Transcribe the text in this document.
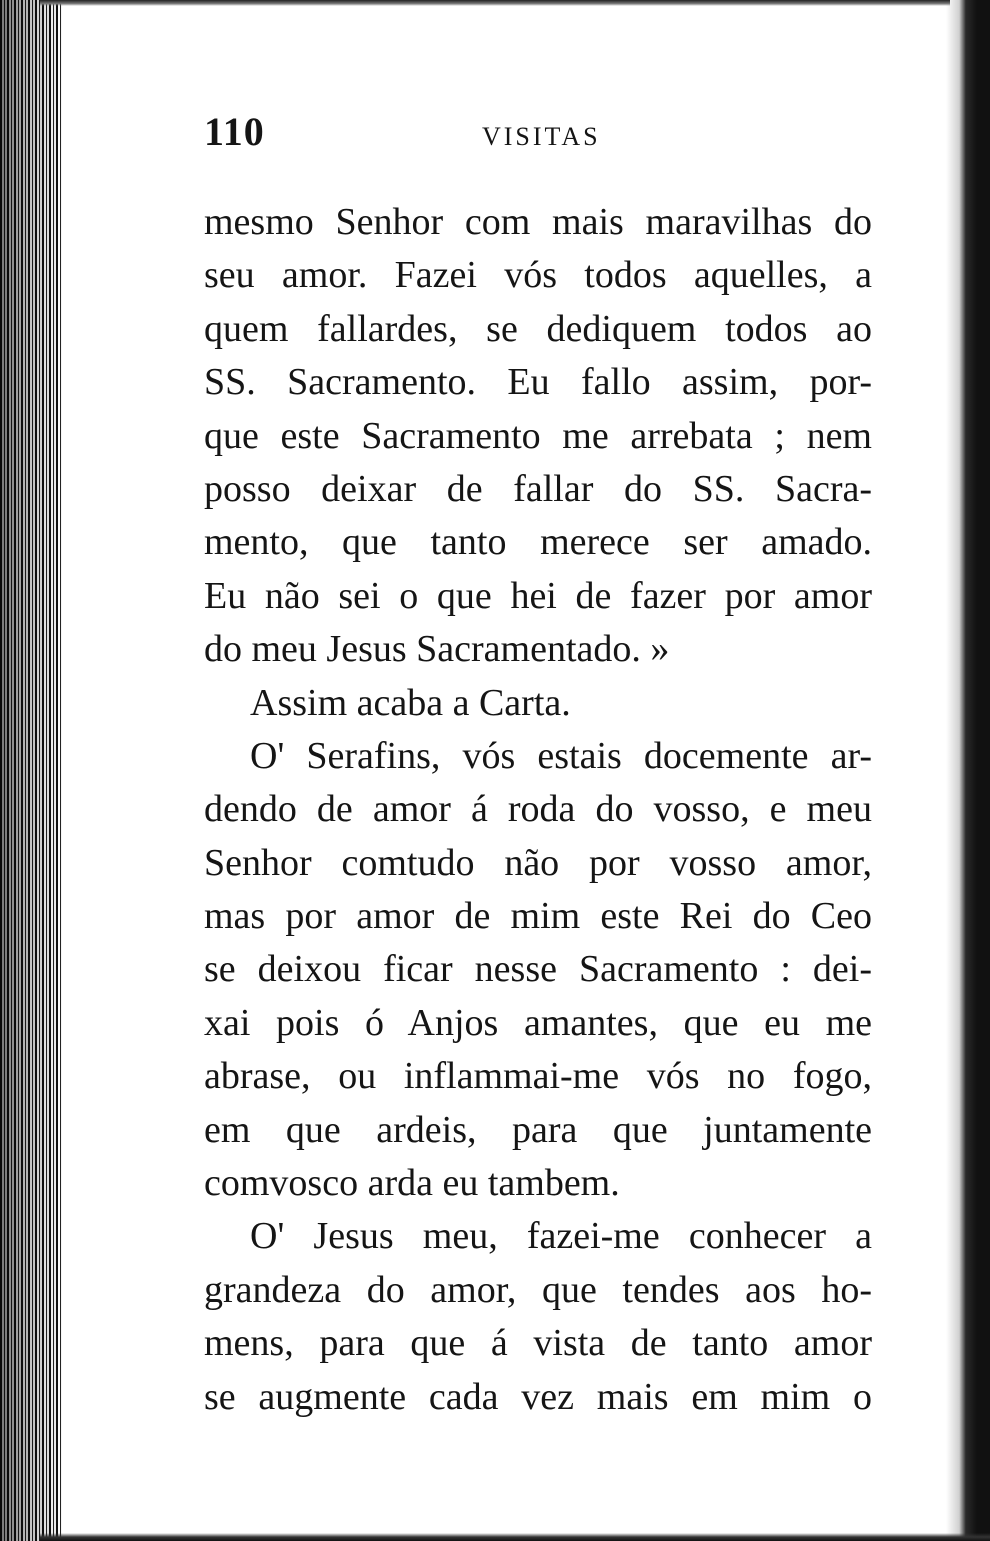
110	VISITAS
mesmo Senhor com mais maravilhas do
seu amor. Fazei vós todos aquelles, a
quem fallardes, se dediquem todos ao
SS. Sacramento. Eu fallo assim, por-
que este Sacramento me arrebata ; nem
posso deixar de fallar do SS. Sacra-
mento, que tanto merece ser amado.
Eu não sei o que hei de fazer por amor
do meu Jesus Sacramentado. »
Assim acaba a Carta.
O' Serafins, vós estais docemente ar-
dendo de amor á roda do vosso, e meu
Senhor comtudo não por vosso amor,
mas por amor de mim este Rei do Ceo
se deixou ficar nesse Sacramento : dei-
xai pois ó Anjos amantes, que eu me
abrase, ou inflammai-me vós no fogo,
em que ardeis, para que juntamente
comvosco arda eu tambem.
O' Jesus meu, fazei-me conhecer a
grandeza do amor, que tendes aos ho-
mens, para que á vista de tanto amor
se augmente cada vez mais em mim o
